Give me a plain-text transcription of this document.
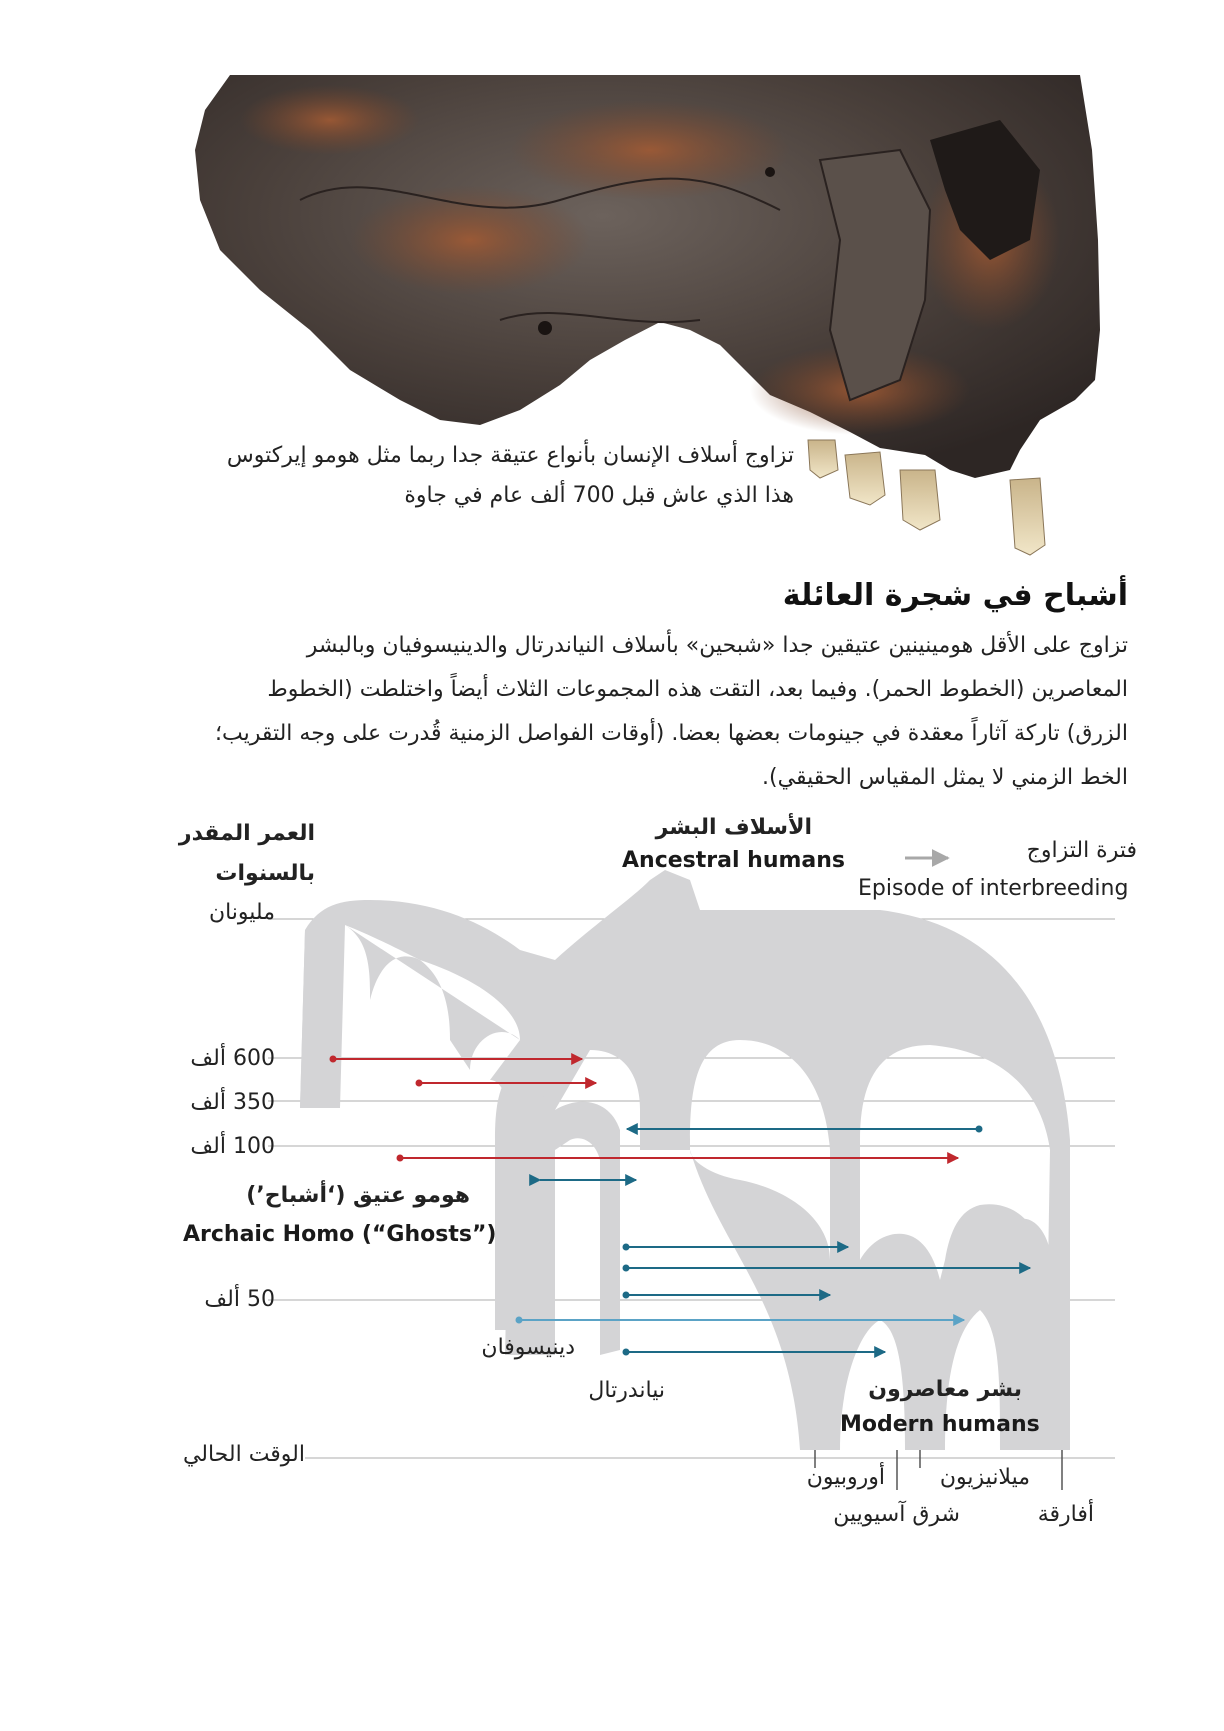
تزاوج أسلاف الإنسان بأنواع عتيقة جدا ربما مثل هومو إيركتوس
هذا الذي عاش قبل 700 ألف عام في جاوة
أشباح في شجرة العائلة
تزاوج على الأقل هومينينين عتيقين جدا «شبحين» بأسلاف النياندرتال والدينيسوفيان وبالبشر
المعاصرين (الخطوط الحمر). وفيما بعد، التقت هذه المجموعات الثلاث أيضاً واختلطت (الخطوط
الزرق) تاركة آثاراً معقدة في جينومات بعضها بعضا. (أوقات الفواصل الزمنية قُدرت على وجه التقريب؛
الخط الزمني لا يمثل المقياس الحقيقي).
العمر المقدر
بالسنوات
الأسلاف البشر
Ancestral humans	فترة التزاوج
Episode of interbreeding
مليونان
600 ألف
350 ألف
100 ألف
50 ألف
الوقت الحالي
هومو عتيق (‘أشباح’)
Archaic Homo (“Ghosts”)
دينيسوفان
نياندرتال	بشر معاصرون
Modern humans
أوروبيون
شرق آسيويين
ميلانيزيون
أفارقة
